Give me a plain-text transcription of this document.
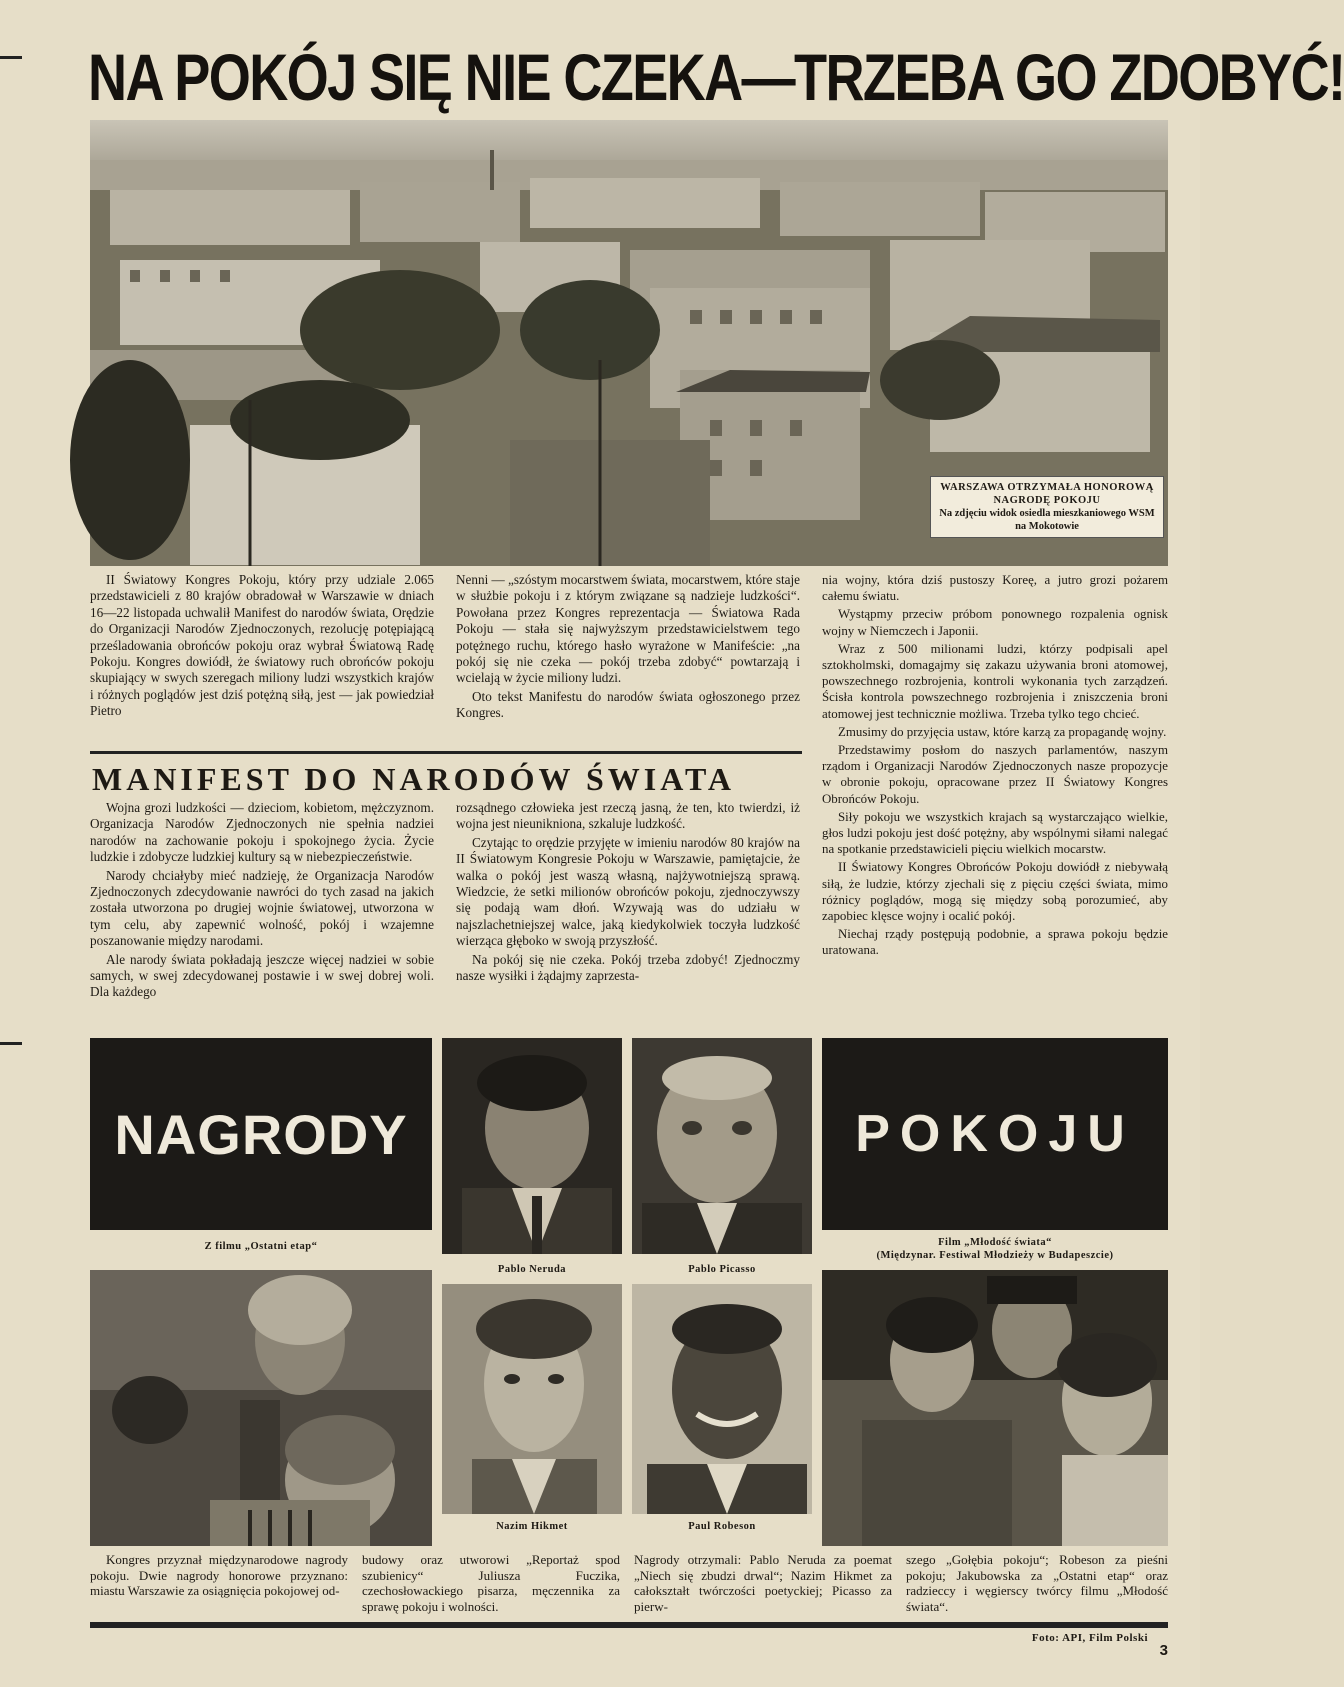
NA POKÓJ SIĘ NIE CZEKA—TRZEBA GO ZDOBYĆ!
WARSZAWA OTRZYMAŁA HONOROWĄ NAGRODĘ POKOJU
Na zdjęciu widok osiedla mieszkaniowego WSM na Mokotowie

II Światowy Kongres Pokoju, który przy udziale 2.065 przedstawicieli z 80 krajów obradował w Warszawie w dniach 16—22 listopada uchwalił Manifest do narodów świata, Orędzie do Organizacji Narodów Zjednoczonych, rezolucję potępiającą prześladowania obrońców pokoju oraz wybrał Światową Radę Pokoju. Kongres dowiódł, że światowy ruch obrońców pokoju skupiający w swych szeregach miliony ludzi wszystkich krajów i różnych poglądów jest dziś potężną siłą, jest — jak powiedział Pietro

Nenni — „szóstym mocarstwem świata, mocarstwem, które staje w służbie pokoju i z którym związane są nadzieje ludzkości“. Powołana przez Kongres reprezentacja — Światowa Rada Pokoju — stała się najwyższym przedstawicielstwem tego potężnego ruchu, którego hasło wyrażone w Manifeście: „na pokój się nie czeka — pokój trzeba zdobyć“ powtarzają i wcielają w życie miliony ludzi.

Oto tekst Manifestu do narodów świata ogłoszonego przez Kongres.

MANIFEST DO NARODÓW ŚWIATA

Wojna grozi ludzkości — dzieciom, kobietom, mężczyznom. Organizacja Narodów Zjednoczonych nie spełnia nadziei narodów na zachowanie pokoju i spokojnego życia. Życie ludzkie i zdobycze ludzkiej kultury są w niebezpieczeństwie.

Narody chciałyby mieć nadzieję, że Organizacja Narodów Zjednoczonych zdecydowanie nawróci do tych zasad na jakich została utworzona po drugiej wojnie światowej, utworzona w tym celu, aby zapewnić wolność, pokój i wzajemne poszanowanie między narodami.

Ale narody świata pokładają jeszcze więcej nadziei w sobie samych, w swej zdecydowanej postawie i w swej dobrej woli. Dla każdego

rozsądnego człowieka jest rzeczą jasną, że ten, kto twierdzi, iż wojna jest nieunikniona, szkaluje ludzkość.

Czytając to orędzie przyjęte w imieniu narodów 80 krajów na II Światowym Kongresie Pokoju w Warszawie, pamiętajcie, że walka o pokój jest waszą własną, najżywotniejszą sprawą. Wiedzcie, że setki milionów obrońców pokoju, zjednoczywszy się podają wam dłoń. Wzywają was do udziału w najszlachetniejszej walce, jaką kiedykolwiek toczyła ludzkość wierząca głęboko w swoją przyszłość.

Na pokój się nie czeka. Pokój trzeba zdobyć! Zjednoczmy nasze wysiłki i żądajmy zaprzesta-

nia wojny, która dziś pustoszy Koreę, a jutro grozi pożarem całemu światu.

Wystąpmy przeciw próbom ponownego rozpalenia ognisk wojny w Niemczech i Japonii.

Wraz z 500 milionami ludzi, którzy podpisali apel sztokholmski, domagajmy się zakazu używania broni atomowej, powszechnego rozbrojenia, kontroli wykonania tych zarządzeń. Ścisła kontrola powszechnego rozbrojenia i zniszczenia broni atomowej jest technicznie możliwa. Trzeba tylko tego chcieć.

Zmusimy do przyjęcia ustaw, które karzą za propagandę wojny.

Przedstawimy posłom do naszych parlamentów, naszym rządom i Organizacji Narodów Zjednoczonych nasze propozycje w obronie pokoju, opracowane przez II Światowy Kongres Obrońców Pokoju.

Siły pokoju we wszystkich krajach są wystarczająco wielkie, głos ludzi pokoju jest dość potężny, aby wspólnymi siłami nalegać na spotkanie przedstawicieli pięciu wielkich mocarstw.

II Światowy Kongres Obrońców Pokoju dowiódł z niebywałą siłą, że ludzie, którzy zjechali się z pięciu części świata, mimo różnicy poglądów, mogą się między sobą porozumieć, aby zapobiec klęsce wojny i ocalić pokój.

Niechaj rządy postępują podobnie, a sprawa pokoju będzie uratowana.

NAGRODY
Z filmu „Ostatni etap“
Pablo Neruda	Pablo Picasso
POKOJU
Film „Młodość świata“
(Międzynar. Festiwal Młodzieży w Budapeszcie)
Nazim Hikmet	Paul Robeson

Kongres przyznał międzynarodowe nagrody pokoju. Dwie nagrody honorowe przyznano: miastu Warszawie za osiągnięcia pokojowej od-

budowy oraz utworowi „Reportaż spod szubienicy“ Juliusza Fuczika, czechosłowackiego pisarza, męczennika za sprawę pokoju i wolności.

Nagrody otrzymali: Pablo Neruda za poemat „Niech się zbudzi drwal“; Nazim Hikmet za całokształt twórczości poetyckiej; Picasso za pierw-

szego „Gołębia pokoju“; Robeson za pieśni pokoju; Jakubowska za „Ostatni etap“ oraz radzieccy i węgierscy twórcy filmu „Młodość świata“.

Foto: API, Film Polski
3
